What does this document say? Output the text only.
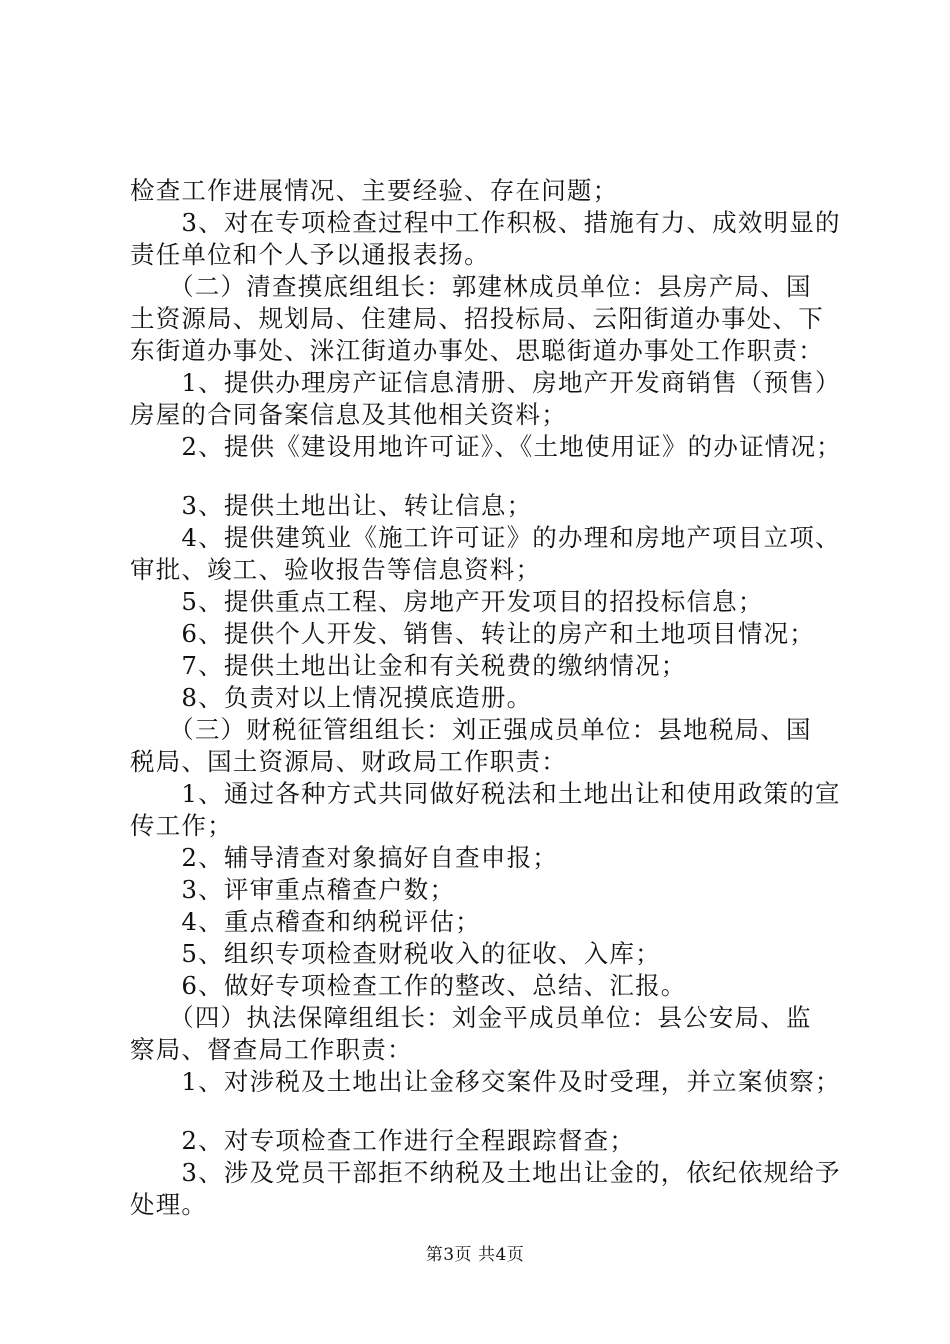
检查工作进展情况、主要经验、存在问题；
　　3、对在专项检查过程中工作积极、措施有力、成效明显的
责任单位和个人予以通报表扬。
　　（二）清查摸底组组长：郭建林成员单位：县房产局、国
土资源局、规划局、住建局、招投标局、云阳街道办事处、下
东街道办事处、洣江街道办事处、思聪街道办事处工作职责：
　　1、提供办理房产证信息清册、房地产开发商销售（预售）
房屋的合同备案信息及其他相关资料；
　　2、提供《建设用地许可证》、《土地使用证》的办证情况；
　　3、提供土地出让、转让信息；
　　4、提供建筑业《施工许可证》的办理和房地产项目立项、
审批、竣工、验收报告等信息资料；
　　5、提供重点工程、房地产开发项目的招投标信息；
　　6、提供个人开发、销售、转让的房产和土地项目情况；
　　7、提供土地出让金和有关税费的缴纳情况；
　　8、负责对以上情况摸底造册。
　　（三）财税征管组组长：刘正强成员单位：县地税局、国
税局、国土资源局、财政局工作职责：
　　1、通过各种方式共同做好税法和土地出让和使用政策的宣
传工作；
　　2、辅导清查对象搞好自查申报；
　　3、评审重点稽查户数；
　　4、重点稽查和纳税评估；
　　5、组织专项检查财税收入的征收、入库；
　　6、做好专项检查工作的整改、总结、汇报。
　　（四）执法保障组组长：刘金平成员单位：县公安局、监
察局、督查局工作职责：
　　1、对涉税及土地出让金移交案件及时受理，并立案侦察；
　　2、对专项检查工作进行全程跟踪督查；
　　3、涉及党员干部拒不纳税及土地出让金的，依纪依规给予
处理。
第3页 共4页
